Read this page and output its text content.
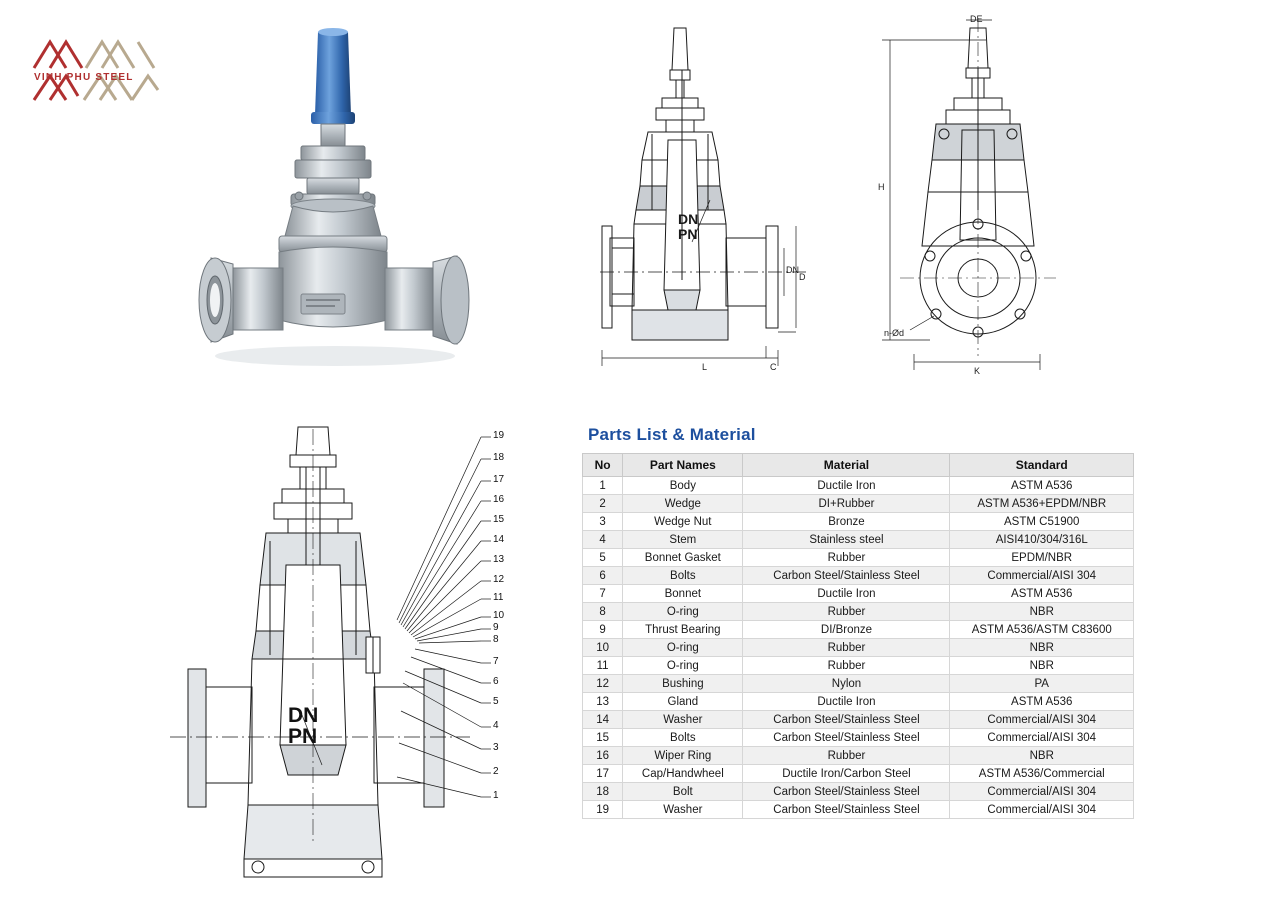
VINH PHU STEEL
DN
PN
L	C
DN
D
DE
H
K
n-Ød
DN
PN
19
18
17
16
15
14
13
12
11
10
9
8
7
6
5
4
3
2
1
Parts List & Material
No	Part Names	Material	Standard
1	Body	Ductile Iron	ASTM A536
2	Wedge	DI+Rubber	ASTM A536+EPDM/NBR
3	Wedge Nut	Bronze	ASTM C51900
4	Stem	Stainless steel	AISI410/304/316L
5	Bonnet Gasket	Rubber	EPDM/NBR
6	Bolts	Carbon Steel/Stainless Steel	Commercial/AISI 304
7	Bonnet	Ductile Iron	ASTM A536
8	O-ring	Rubber	NBR
9	Thrust Bearing	DI/Bronze	ASTM A536/ASTM C83600
10	O-ring	Rubber	NBR
11	O-ring	Rubber	NBR
12	Bushing	Nylon	PA
13	Gland	Ductile Iron	ASTM A536
14	Washer	Carbon Steel/Stainless Steel	Commercial/AISI 304
15	Bolts	Carbon Steel/Stainless Steel	Commercial/AISI 304
16	Wiper Ring	Rubber	NBR
17	Cap/Handwheel	Ductile Iron/Carbon Steel	ASTM A536/Commercial
18	Bolt	Carbon Steel/Stainless Steel	Commercial/AISI 304
19	Washer	Carbon Steel/Stainless Steel	Commercial/AISI 304
